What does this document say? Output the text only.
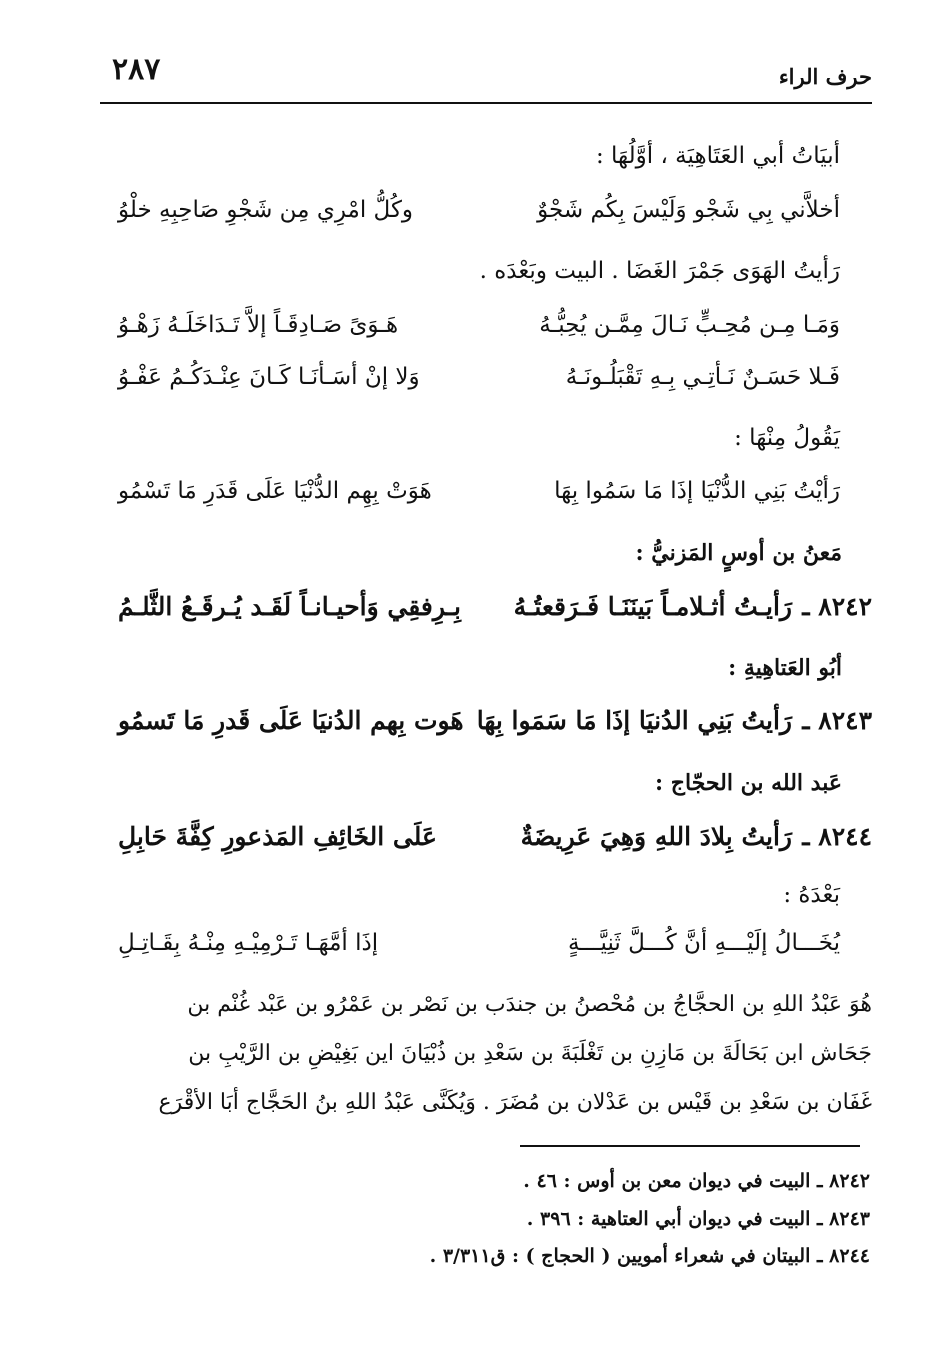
٢٨٧	حرف الراء
أبيَاتُ أبي العَتَاهِيَة ، أوَّلُهَا :
أخلاَّني بِي شَجْو وَلَيْسَ بِكُم شَجْوٌ
وكُلُّ امْرِي مِن شَجْوِ صَاحِبِهِ خلْوُ
رَأيتُ الهَوَى جَمْرَ الغَضَا . البيت وبَعْدَه .
وَمَـا مِـن مُحِـبٍّ نَـالَ مِمَّـن يُحِبُّـهُ
هَـوَىً صَـادِقَـاً إلاَّ تَـدَاخَلَـهُ زَهْـوُ
فَـلا حَسَـنٌ نَـأتِـي بِـهِ تَقْبَلُـونَـهُ
وَلا إنْ أسَـأنَـا كَـانَ عِنْـدَكُـمُ عَفْـوُ
يَقُولُ مِنْهَا :
رَأيْتُ بَنِي الدُّنْيَا إذَا مَا سَمُوا بِهَا
هَوَتْ بِهِم الدُّنْيَا عَلَى قَدَرِ مَا تَسْمُو
مَعنُ بن أوسٍ المَزنيُّ :
٨٢٤٢ ـ
رَأيـتُ أثـلامـاً بَينَنَـا فَـرَقعتُـهُ
بِـرِفقِي وَأحيـانـاً لَقَـد يُـرقَـعُ الثَّلـمُ
أبُو العَتاهِيةِ :
٨٢٤٣ ـ
رَأيتُ بَنِي الدُنيَا إذَا مَا سَمَوا بِهَا
هَوت بِهم الدُنيَا عَلَى قَدرِ مَا تَسمُو
عَبد الله بن الحجّاج :
٨٢٤٤ ـ
رَأيتُ بِلادَ اللهِ وَهِيَ عَرِيضَةٌ
عَلَى الخَائِفِ المَذعورِ كِفَّةَ حَابِلِ
بَعْدَهُ :
يُخَـــالُ إلَيْـــهِ أنَّ كُـــلَّ ثَنِيَّـــةٍ
إذَا أمَّهَـا تَـرْمِيْـهِ مِنْـهُ بِقَـاتِـلِ
هُوَ عَبْدُ اللهِ بن الحجَّاجُ بن مُحْصنُ بن جندَب بن نَصْر بن عَمْرُو بن عَبْد غُنْم بن
جَحَاش ابن بَحَالَةَ بن مَازِنِ بن تَغْلَبَةَ بن سَعْدِ بن ذُبْيَانَ اين بَغِيْضِ بن الرَّيْبِ بن
غَفَان بن سَعْدِ بن قَيْس بن عَدْلان بن مُضَرَ . وَيُكَنَّى عَبْدُ اللهِ بنُ الحَجَّاج أبَا الأقْرَع
٨٢٤٢ ـ البيت في ديوان معن بن أوس : ٤٦ .
٨٢٤٣ ـ البيت في ديوان أبي العتاهية : ٣٩٦ .
٨٢٤٤ ـ البيتان في شعراء أمويين ( الحجاج ) : ق٣/٣١١ .
